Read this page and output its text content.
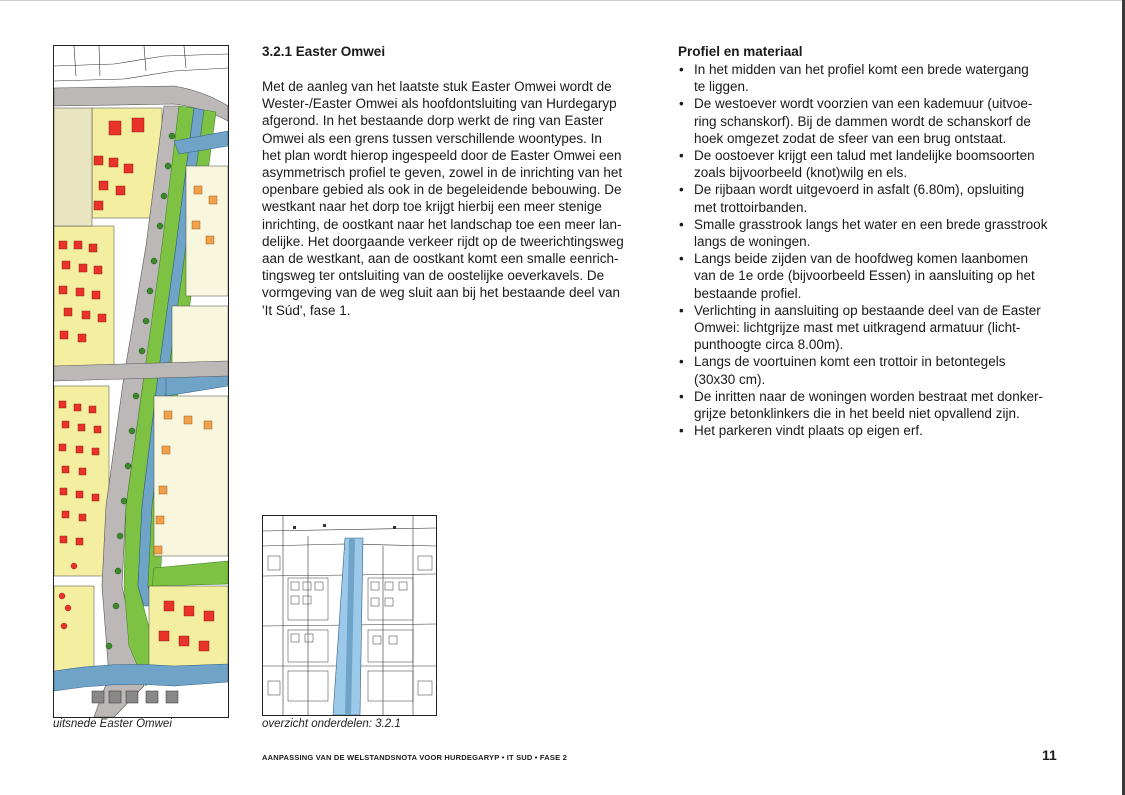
uitsnede Easter Omwei
3.2.1 Easter Omwei

Met de aanleg van het laatste stuk Easter Omwei wordt de
Wester-/Easter Omwei als hoofdontsluiting van Hurdegaryp
afgerond. In het bestaande dorp werkt de ring van Easter
Omwei als een grens tussen verschillende woontypes. In
het plan wordt hierop ingespeeld door de Easter Omwei een
asymmetrisch profiel te geven, zowel in de inrichting van het
openbare gebied als ook in de begeleidende bebouwing. De
westkant naar het dorp toe krijgt hierbij een meer stenige
inrichting, de oostkant naar het landschap toe een meer lan-
delijke. Het doorgaande verkeer rijdt op de tweerichtingsweg
aan de westkant, aan de oostkant komt een smalle eenrich-
tingsweg ter ontsluiting van de oostelijke oeverkavels. De
vormgeving van de weg sluit aan bij het bestaande deel van
'It Súd', fase 1.

overzicht onderdelen: 3.2.1
Profiel en materiaal
• In het midden van het profiel komt een brede watergang
te liggen.
• De westoever wordt voorzien van een kademuur (uitvoe-
ring schanskorf). Bij de dammen wordt de schanskorf de
hoek omgezet zodat de sfeer van een brug ontstaat.
• De oostoever krijgt een talud met landelijke boomsoorten
zoals bijvoorbeeld (knot)wilg en els.
• De rijbaan wordt uitgevoerd in asfalt (6.80m), opsluiting
met trottoirbanden.
• Smalle grasstrook langs het water en een brede grasstrook
langs de woningen.
• Langs beide zijden van de hoofdweg komen laanbomen
van de 1e orde (bijvoorbeeld Essen) in aansluiting op het
bestaande profiel.
• Verlichting in aansluiting op bestaande deel van de Easter
Omwei: lichtgrijze mast met uitkragend armatuur (licht-
punthoogte circa 8.00m).
• Langs de voortuinen komt een trottoir in betontegels
(30x30 cm).
• De inritten naar de woningen worden bestraat met donker-
grijze betonklinkers die in het beeld niet opvallend zijn.
• Het parkeren vindt plaats op eigen erf.
AANPASSING VAN DE WELSTANDSNOTA VOOR HURDEGARYP • IT SUD • FASE 2	11
